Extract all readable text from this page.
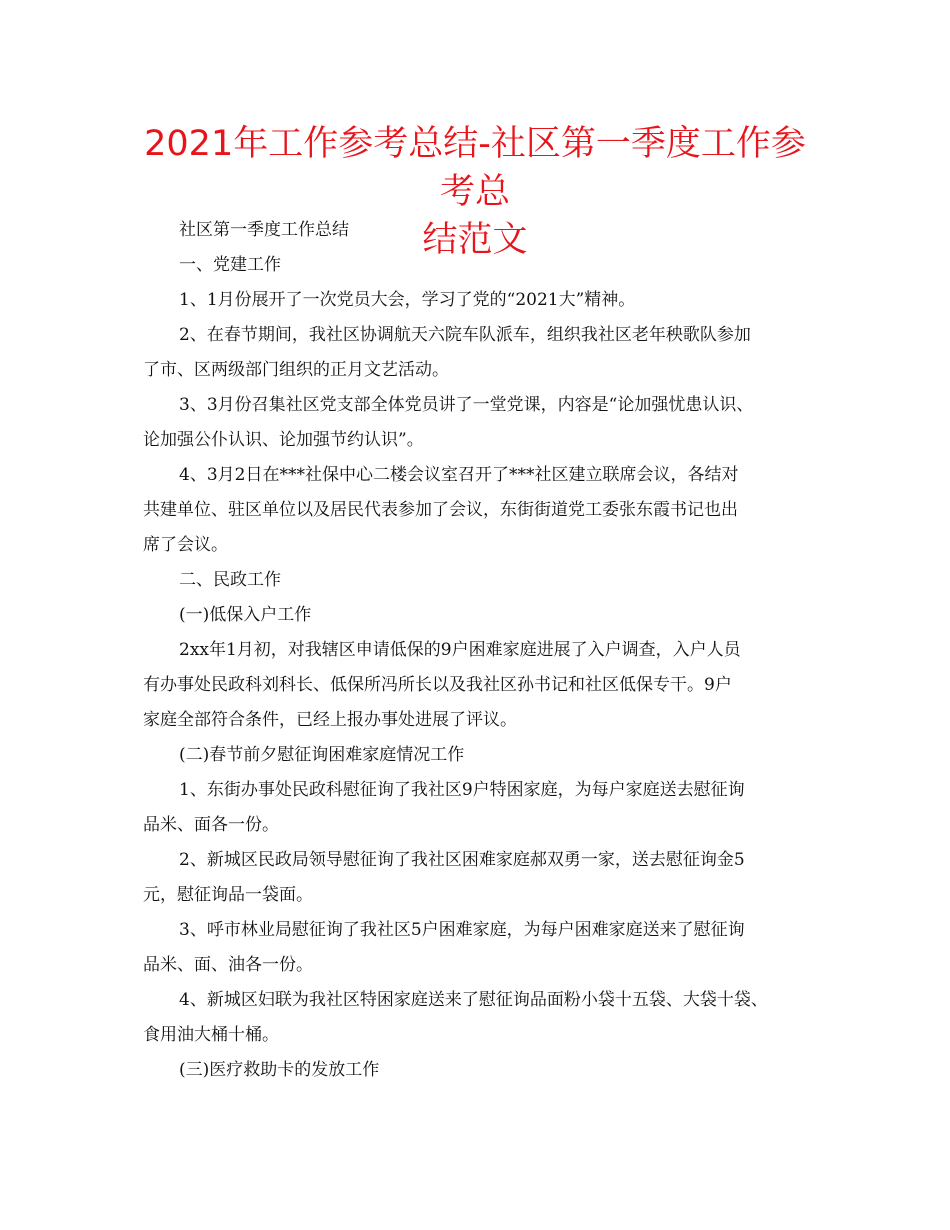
2021年工作参考总结-社区第一季度工作参考总
结范文

社区第一季度工作总结

一、党建工作

1、1月份展开了一次党员大会，学习了党的“2021大”精神。

2、在春节期间，我社区协调航天六院车队派车，组织我社区老年秧歌队参加
了市、区两级部门组织的正月文艺活动。

3、3月份召集社区党支部全体党员讲了一堂党课，内容是“论加强忧患认识、
论加强公仆认识、论加强节约认识”。

4、3月2日在***社保中心二楼会议室召开了***社区建立联席会议，各结对
共建单位、驻区单位以及居民代表参加了会议，东街街道党工委张东霞书记也出
席了会议。

二、民政工作

(一)低保入户工作

2xx年1月初，对我辖区申请低保的9户困难家庭进展了入户调查，入户人员
有办事处民政科刘科长、低保所冯所长以及我社区孙书记和社区低保专干。9户
家庭全部符合条件，已经上报办事处进展了评议。

(二)春节前夕慰征询困难家庭情况工作

1、东街办事处民政科慰征询了我社区9户特困家庭，为每户家庭送去慰征询
品米、面各一份。

2、新城区民政局领导慰征询了我社区困难家庭郝双勇一家，送去慰征询金5
元，慰征询品一袋面。

3、呼市林业局慰征询了我社区5户困难家庭，为每户困难家庭送来了慰征询
品米、面、油各一份。

4、新城区妇联为我社区特困家庭送来了慰征询品面粉小袋十五袋、大袋十袋、
食用油大桶十桶。

(三)医疗救助卡的发放工作
